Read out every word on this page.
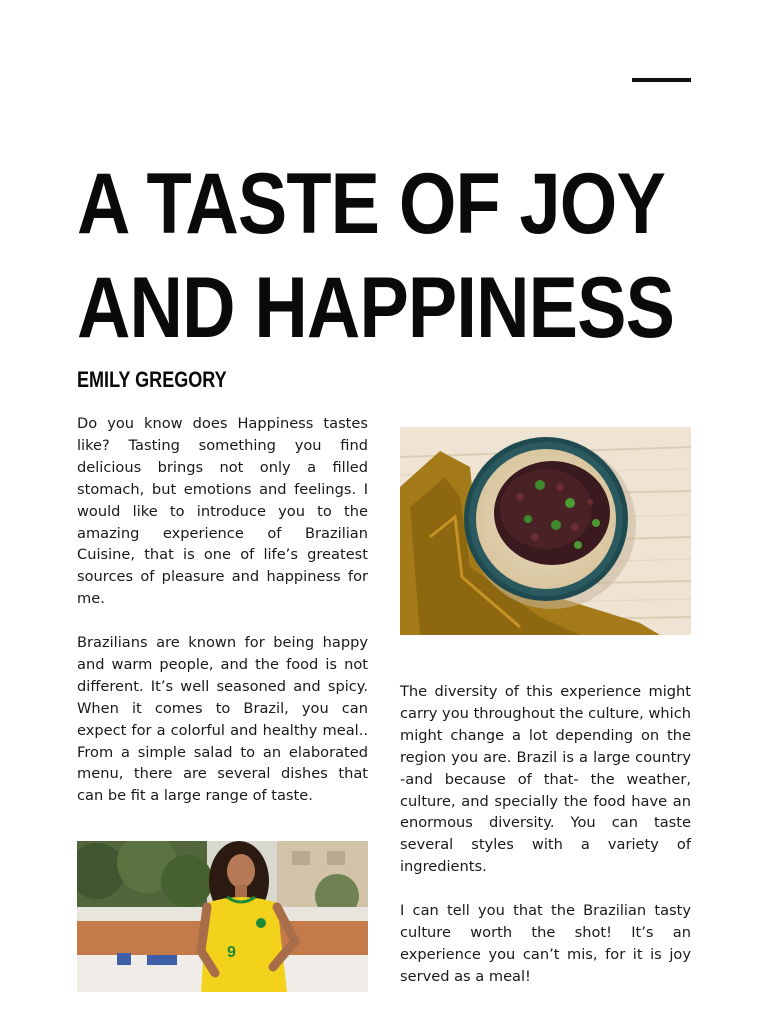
A TASTE OF JOY
AND HAPPINESS
EMILY GREGORY

Do you know does Happiness tastes like? Tasting something you find delicious brings not only a filled stomach, but emotions and feelings. I would like to introduce you to the amazing experience of Brazilian Cuisine, that is one of life’s greatest sources of pleasure and happiness for me.

Brazilians are known for being happy and warm people, and the food is not different. It’s well seasoned and spicy. When it comes to Brazil, you can expect for a colorful and healthy meal.. From a simple salad to an elaborated menu, there are several dishes that can be fit a large range of taste.

The diversity of this experience might carry you throughout the culture, which might change a lot depending on the region you are. Brazil is a large country -and because of that- the weather, culture, and specially the food have an enormous diversity. You can taste several styles with a variety of ingredients.

I can tell you that the Brazilian tasty culture worth the shot! It’s an experience you can’t mis, for it is joy served as a meal!

9
